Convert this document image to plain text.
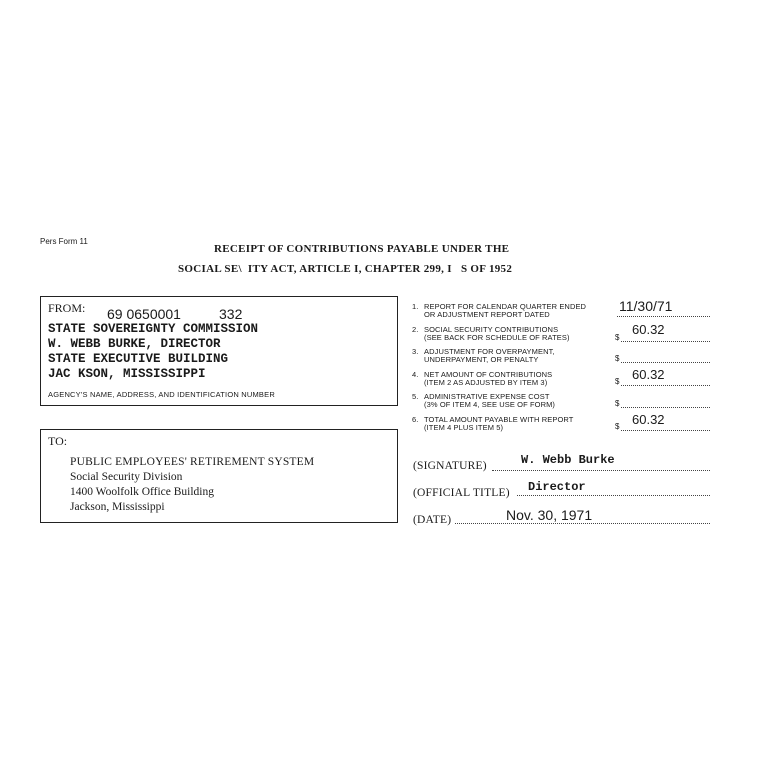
Pers Form 11
RECEIPT OF CONTRIBUTIONS PAYABLE UNDER THE
SOCIAL SE\  ITY ACT, ARTICLE I, CHAPTER 299, I   S OF 1952
FROM: 69 0650001	332
STATE SOVEREIGNTY COMMISSION
W. WEBB BURKE, DIRECTOR
STATE EXECUTIVE BUILDING
JAC KSON, MISSISSIPPI
AGENCY'S NAME, ADDRESS, AND IDENTIFICATION NUMBER
TO:
PUBLIC EMPLOYEES' RETIREMENT SYSTEM
Social Security Division
1400 Woolfolk Office Building
Jackson, Mississippi
1. REPORT FOR CALENDAR QUARTER ENDED
OR ADJUSTMENT REPORT DATED
11/30/71
2. SOCIAL SECURITY CONTRIBUTIONS
(SEE BACK FOR SCHEDULE OF RATES)	$
60.32
3. ADJUSTMENT FOR OVERPAYMENT,
UNDERPAYMENT, OR PENALTY	$
4. NET AMOUNT OF CONTRIBUTIONS
(ITEM 2 AS ADJUSTED BY ITEM 3)	$ 60.32
5. ADMINISTRATIVE EXPENSE COST
(3% OF ITEM 4, SEE USE OF FORM)	$
6. TOTAL AMOUNT PAYABLE WITH REPORT
(ITEM 4 PLUS ITEM 5)	$ 60.32
(SIGNATURE)	W. Webb Burke
(OFFICIAL TITLE) Director
(DATE)	Nov. 30, 1971
